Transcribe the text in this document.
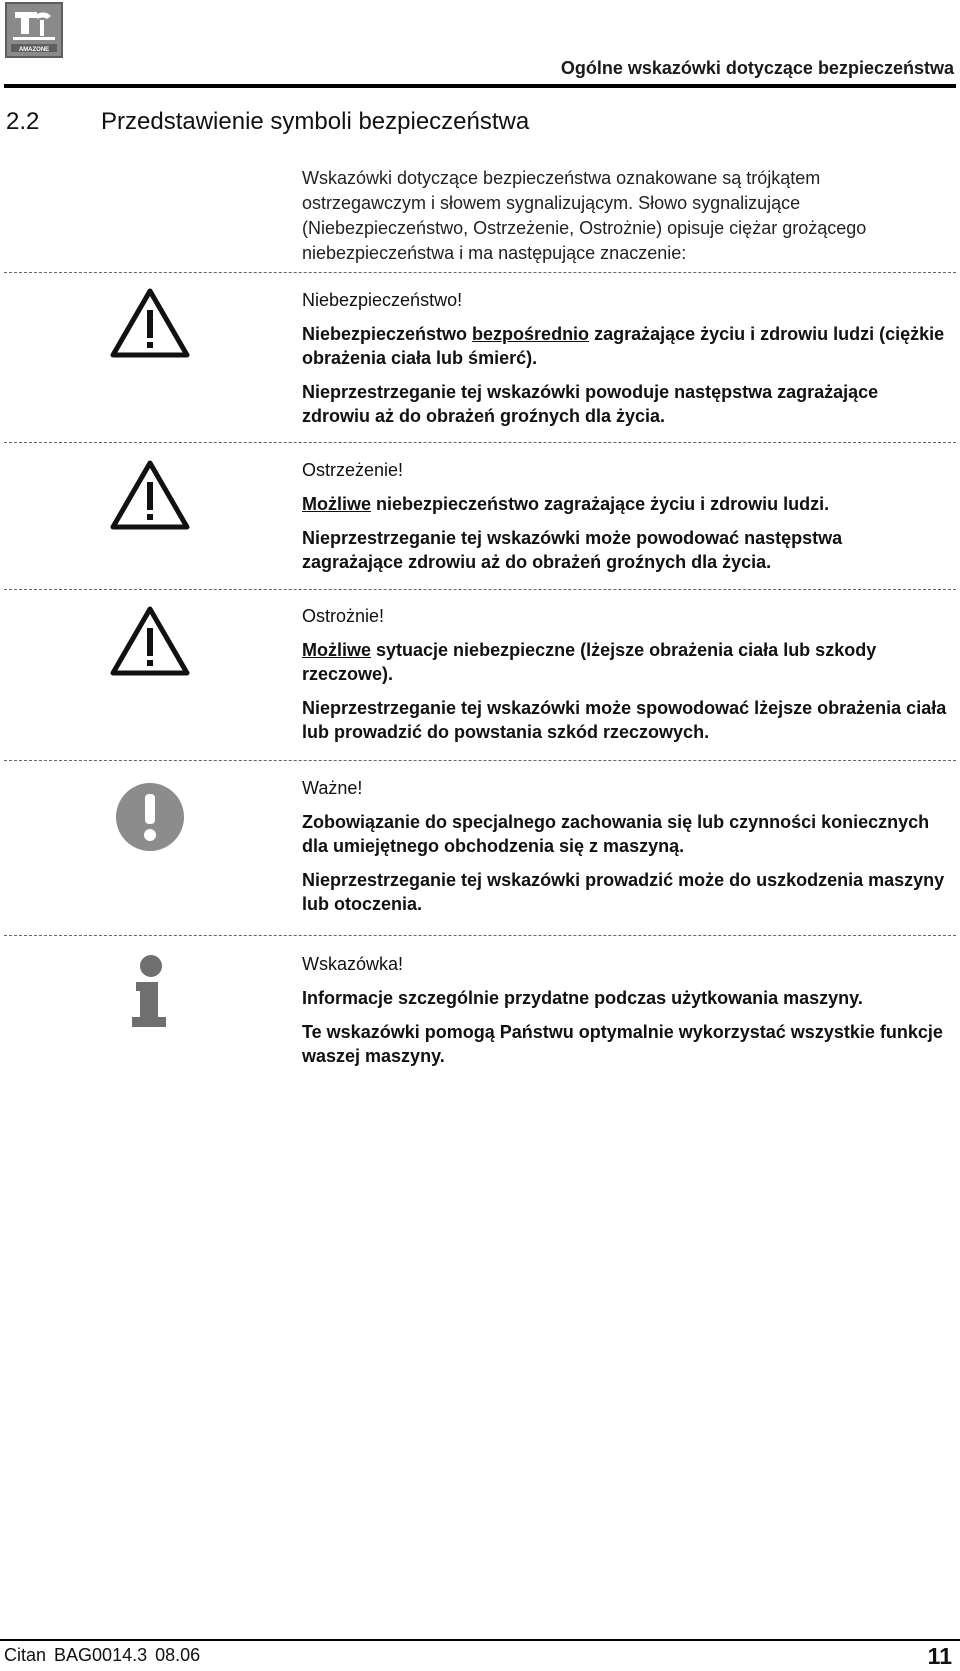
AMAZONE
Ogólne wskazówki dotyczące bezpieczeństwa
2.2	Przedstawienie symboli bezpieczeństwa
Wskazówki dotyczące bezpieczeństwa oznakowane są trójkątem ostrzegawczym i słowem sygnalizującym. Słowo sygnalizujące (Niebezpieczeństwo, Ostrzeżenie, Ostrożnie) opisuje ciężar grożącego niebezpieczeństwa i ma następujące znaczenie:
Niebezpieczeństwo!

Niebezpieczeństwo bezpośrednio zagrażające życiu i zdrowiu ludzi (ciężkie obrażenia ciała lub śmierć).

Nieprzestrzeganie tej wskazówki powoduje następstwa zagrażające zdrowiu aż do obrażeń groźnych dla życia.

Ostrzeżenie!

Możliwe niebezpieczeństwo zagrażające życiu i zdrowiu ludzi.

Nieprzestrzeganie tej wskazówki może powodować następstwa zagrażające zdrowiu aż do obrażeń groźnych dla życia.

Ostrożnie!

Możliwe sytuacje niebezpieczne (lżejsze obrażenia ciała lub szkody rzeczowe).

Nieprzestrzeganie tej wskazówki może spowodować lżejsze obrażenia ciała lub prowadzić do powstania szkód rzeczowych.

Ważne!

Zobowiązanie do specjalnego zachowania się lub czynności koniecznych dla umiejętnego obchodzenia się z maszyną.

Nieprzestrzeganie tej wskazówki prowadzić może do uszkodzenia maszyny lub otoczenia.

Wskazówka!

Informacje szczególnie przydatne podczas użytkowania maszyny.

Te wskazówki pomogą Państwu optymalnie wykorzystać wszystkie funkcje waszej maszyny.

Citan BAG0014.3 08.06	11
